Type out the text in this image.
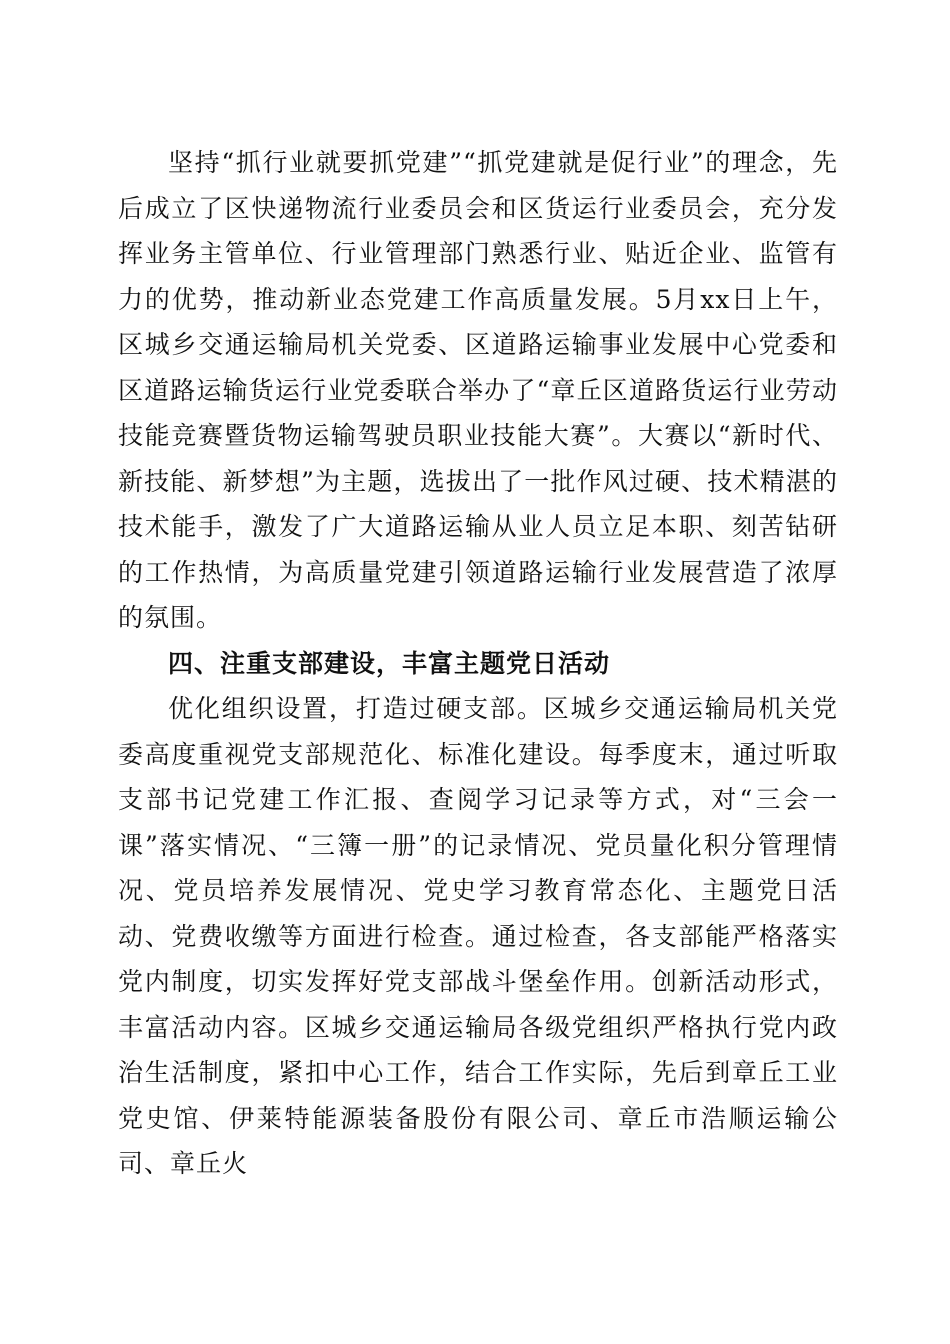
坚持“抓行业就要抓党建”“抓党建就是促行业”的理念，先后成立了区快递物流行业委员会和区货运行业委员会，充分发挥业务主管单位、行业管理部门熟悉行业、贴近企业、监管有力的优势，推动新业态党建工作高质量发展。5月xx日上午，区城乡交通运输局机关党委、区道路运输事业发展中心党委和区道路运输货运行业党委联合举办了“章丘区道路货运行业劳动技能竞赛暨货物运输驾驶员职业技能大赛”。大赛以“新时代、新技能、新梦想”为主题，选拔出了一批作风过硬、技术精湛的技术能手，激发了广大道路运输从业人员立足本职、刻苦钻研的工作热情，为高质量党建引领道路运输行业发展营造了浓厚的氛围。

四、注重支部建设，丰富主题党日活动

优化组织设置，打造过硬支部。区城乡交通运输局机关党委高度重视党支部规范化、标准化建设。每季度末，通过听取支部书记党建工作汇报、查阅学习记录等方式，对“三会一课”落实情况、“三簿一册”的记录情况、党员量化积分管理情况、党员培养发展情况、党史学习教育常态化、主题党日活动、党费收缴等方面进行检查。通过检查，各支部能严格落实党内制度，切实发挥好党支部战斗堡垒作用。创新活动形式，丰富活动内容。区城乡交通运输局各级党组织严格执行党内政治生活制度，紧扣中心工作，结合工作实际，先后到章丘工业党史馆、伊莱特能源装备股份有限公司、章丘市浩顺运输公司、章丘火
